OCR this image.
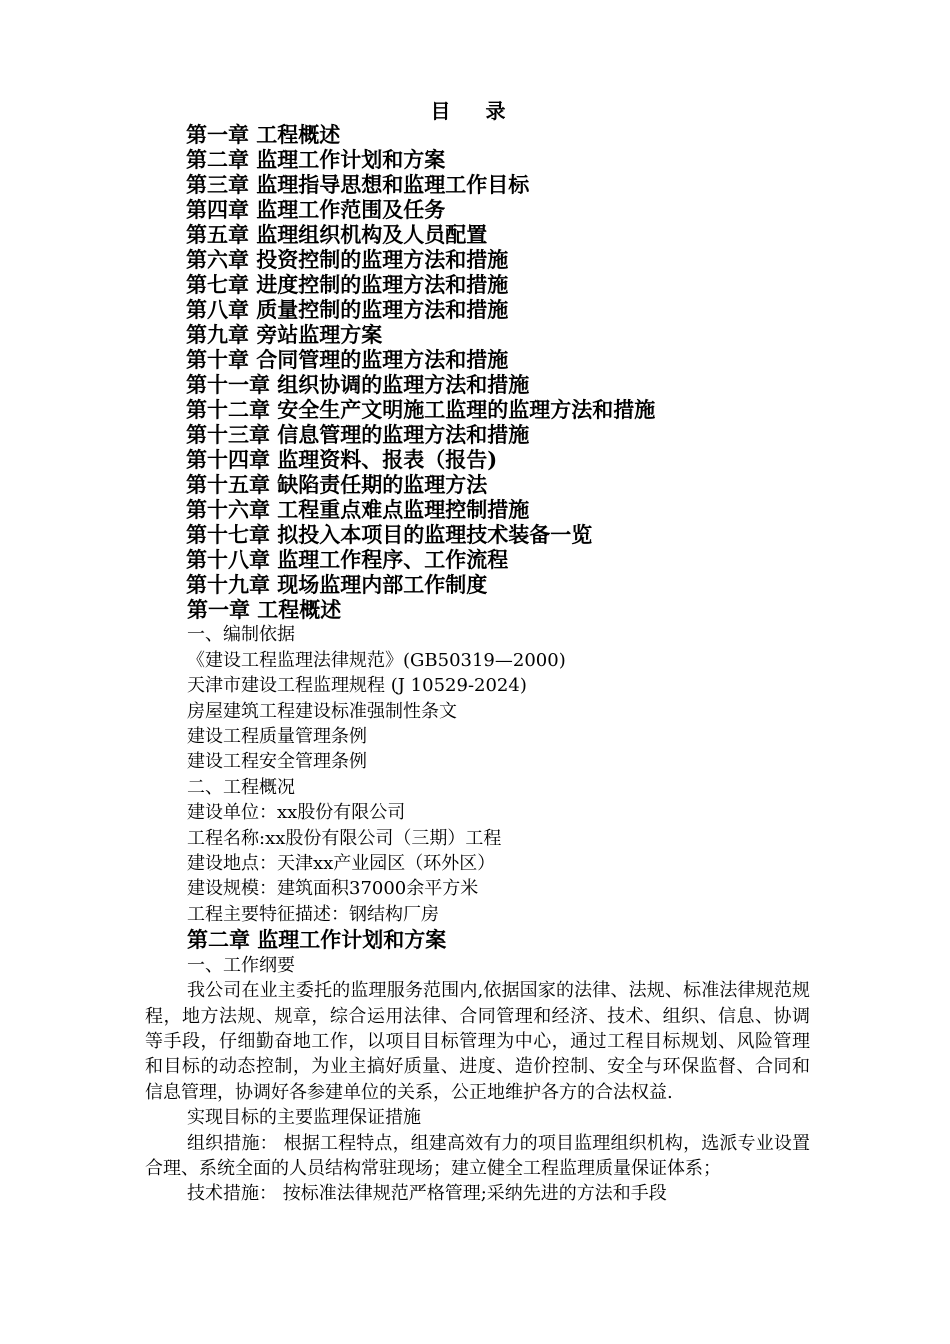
目 录
第一章 工程概述
第二章 监理工作计划和方案
第三章 监理指导思想和监理工作目标
第四章 监理工作范围及任务
第五章 监理组织机构及人员配置
第六章 投资控制的监理方法和措施
第七章 进度控制的监理方法和措施
第八章 质量控制的监理方法和措施
第九章 旁站监理方案
第十章 合同管理的监理方法和措施
第十一章 组织协调的监理方法和措施
第十二章 安全生产文明施工监理的监理方法和措施
第十三章 信息管理的监理方法和措施
第十四章 监理资料、报表（报告)
第十五章 缺陷责任期的监理方法
第十六章 工程重点难点监理控制措施
第十七章 拟投入本项目的监理技术装备一览
第十八章 监理工作程序、工作流程
第十九章 现场监理内部工作制度
第一章 工程概述
一、编制依据
《建设工程监理法律规范》(GB50319—2000)
天津市建设工程监理规程 (J 10529-2024)
房屋建筑工程建设标准强制性条文
建设工程质量管理条例
建设工程安全管理条例
二、工程概况
建设单位：xx股份有限公司
工程名称:xx股份有限公司（三期）工程
建设地点：天津xx产业园区（环外区）
建设规模：建筑面积37000余平方米
工程主要特征描述：钢结构厂房
第二章 监理工作计划和方案
一、工作纲要

我公司在业主委托的监理服务范围内,依据国家的法律、法规、标准法律规范规程，地方法规、规章，综合运用法律、合同管理和经济、技术、组织、信息、协调等手段，仔细勤奋地工作，以项目目标管理为中心，通过工程目标规划、风险管理和目标的动态控制，为业主搞好质量、进度、造价控制、安全与环保监督、合同和信息管理，协调好各参建单位的关系，公正地维护各方的合法权益.

实现目标的主要监理保证措施

组织措施： 根据工程特点，组建高效有力的项目监理组织机构，选派专业设置合理、系统全面的人员结构常驻现场；建立健全工程监理质量保证体系；

技术措施： 按标准法律规范严格管理;采纳先进的方法和手段
